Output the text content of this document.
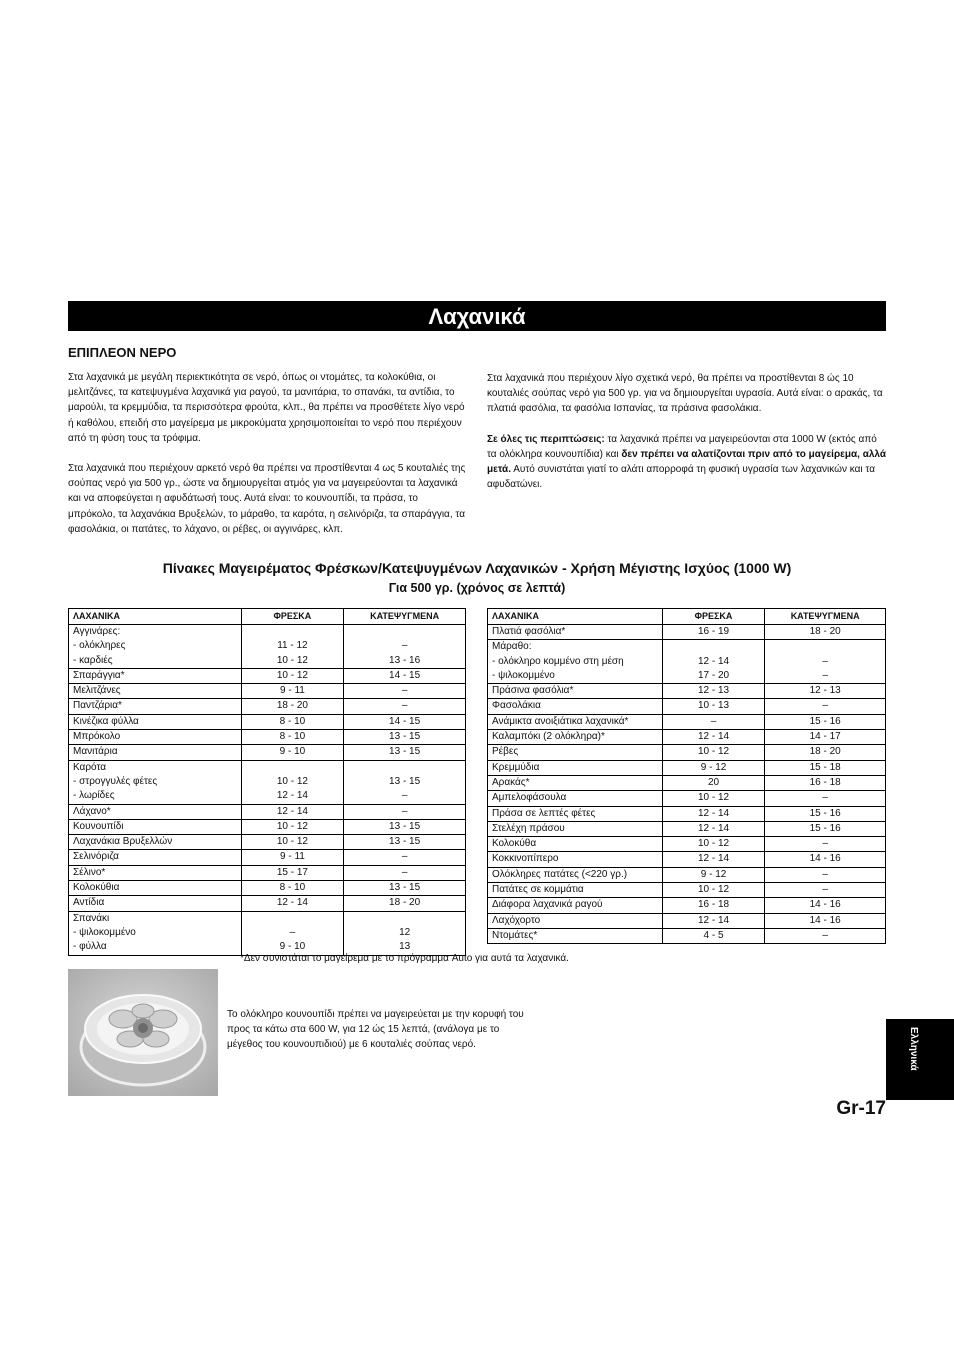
Λαχανικά
ΕΠΙΠΛΕΟΝ ΝΕΡΟ

Στα λαχανικά με μεγάλη περιεκτικότητα σε νερό, όπως οι ντομάτες, τα κολοκύθια, οι μελιτζάνες, τα κατεψυγμένα λαχανικά για ραγού, τα μανιτάρια, το σπανάκι, τα αντίδια, το μαρούλι, τα κρεμμύδια, τα περισσότερα φρούτα, κλπ., θα πρέπει να προσθέτετε λίγο νερό ή καθόλου, επειδή στο μαγείρεμα με μικροκύματα χρησιμοποιείται το νερό που περιέχουν από τη φύση τους τα τρόφιμα.

Στα λαχανικά που περιέχουν αρκετό νερό θα πρέπει να προστίθενται 4 ως 5 κουταλιές της σούπας νερό για 500 γρ., ώστε να δημιουργείται ατμός για να μαγειρεύονται τα λαχανικά και να αποφεύγεται η αφυδάτωσή τους. Αυτά είναι: το κουνουπίδι, τα πράσα, το μπρόκολο, τα λαχανάκια Βρυξελών, το μάραθο, τα καρότα, η σελινόριζα, τα σπαράγγια, τα φασολάκια, οι πατάτες, το λάχανο, οι ρέβες, οι αγγινάρες, κλπ.

Στα λαχανικά που περιέχουν λίγο σχετικά νερό, θα πρέπει να προστίθενται 8 ώς 10 κουταλιές σούπας νερό για 500 γρ. για να δημιουργείται υγρασία. Αυτά είναι: ο αρακάς, τα πλατιά φασόλια, τα φασόλια Ισπανίας, τα πράσινα φασολάκια.

Σε όλες τις περιπτώσεις: τα λαχανικά πρέπει να μαγειρεύονται στα 1000 W (εκτός από τα ολόκληρα κουνουπίδια) και δεν πρέπει να αλατίζονται πριν από το μαγείρεμα, αλλά μετά. Αυτό συνιστάται γιατί το αλάτι απορροφά τη φυσική υγρασία των λαχανικών και τα αφυδατώνει.

Πίνακες Μαγειρέματος Φρέσκων/Κατεψυγμένων Λαχανικών - Χρήση Μέγιστης Ισχύος (1000 W)
Για 500 γρ. (χρόνος σε λεπτά)
ΛΑΧΑΝΙΚΑ	ΦΡΕΣΚΑ	ΚΑΤΕΨΥΓΜΕΝΑ
Αγγινάρες:		
- ολόκληρες	11 - 12	–
- καρδιές	10 - 12	13 - 16
Σπαράγγια*	10 - 12	14 - 15
Μελιτζάνες	9 - 11	–
Παντζάρια*	18 - 20	–
Κινέζικα φύλλα	8 - 10	14 - 15
Μπρόκολο	8 - 10	13 - 15
Μανιτάρια	9 - 10	13 - 15
Καρότα		
- στρογγυλές φέτες	10 - 12	13 - 15
- λωρίδες	12 - 14	–
Λάχανο*	12 - 14	–
Κουνουπίδι	10 - 12	13 - 15
Λαχανάκια Βρυξελλών	10 - 12	13 - 15
Σελινόριζα	9 - 11	–
Σέλινο*	15 - 17	–
Κολοκύθια	8 - 10	13 - 15
Αντίδια	12 - 14	18 - 20
Σπανάκι		
- ψιλοκομμένο	–	12
- φύλλα	9 - 10	13
ΛΑΧΑΝΙΚΑ	ΦΡΕΣΚΑ	ΚΑΤΕΨΥΓΜΕΝΑ
Πλατιά φασόλια*	16 - 19	18 - 20
Μάραθο:		
- ολόκληρο κομμένο στη μέση	12 - 14	–
- ψιλοκομμένο	17 - 20	–
Πράσινα φασόλια*	12 - 13	12 - 13
Φασολάκια	10 - 13	–
Ανάμικτα ανοιξιάτικα λαχανικά*	–	15 - 16
Καλαμπόκι (2 ολόκληρα)*	12 - 14	14 - 17
Ρέβες	10 - 12	18 - 20
Κρεμμύδια	9 - 12	15 - 18
Αρακάς*	20	16 - 18
Αμπελοφάσουλα	10 - 12	–
Πράσα σε λεπτές φέτες	12 - 14	15 - 16
Στελέχη πράσου	12 - 14	15 - 16
Κολοκύθα	10 - 12	–
Κοκκινοπίπερο	12 - 14	14 - 16
Ολόκληρες πατάτες (<220 γρ.)	9 - 12	–
Πατάτες σε κομμάτια	10 - 12	–
Διάφορα λαχανικά ραγού	16 - 18	14 - 16
Λαχόχορτο	12 - 14	14 - 16
Ντομάτες*	4 - 5	–
*Δεν συνιστάται το μαγείρεμα με το πρόγραμμα Auto για αυτά τα λαχανικά.
Το ολόκληρο κουνουπίδι πρέπει να μαγειρεύεται με την κορυφή του προς τα κάτω στα 600 W, για 12 ώς 15 λεπτά, (ανάλογα με το μέγεθος του κουνουπιδιού) με 6 κουταλιές σούπας νερό.	Ελληνικά
Gr-17
